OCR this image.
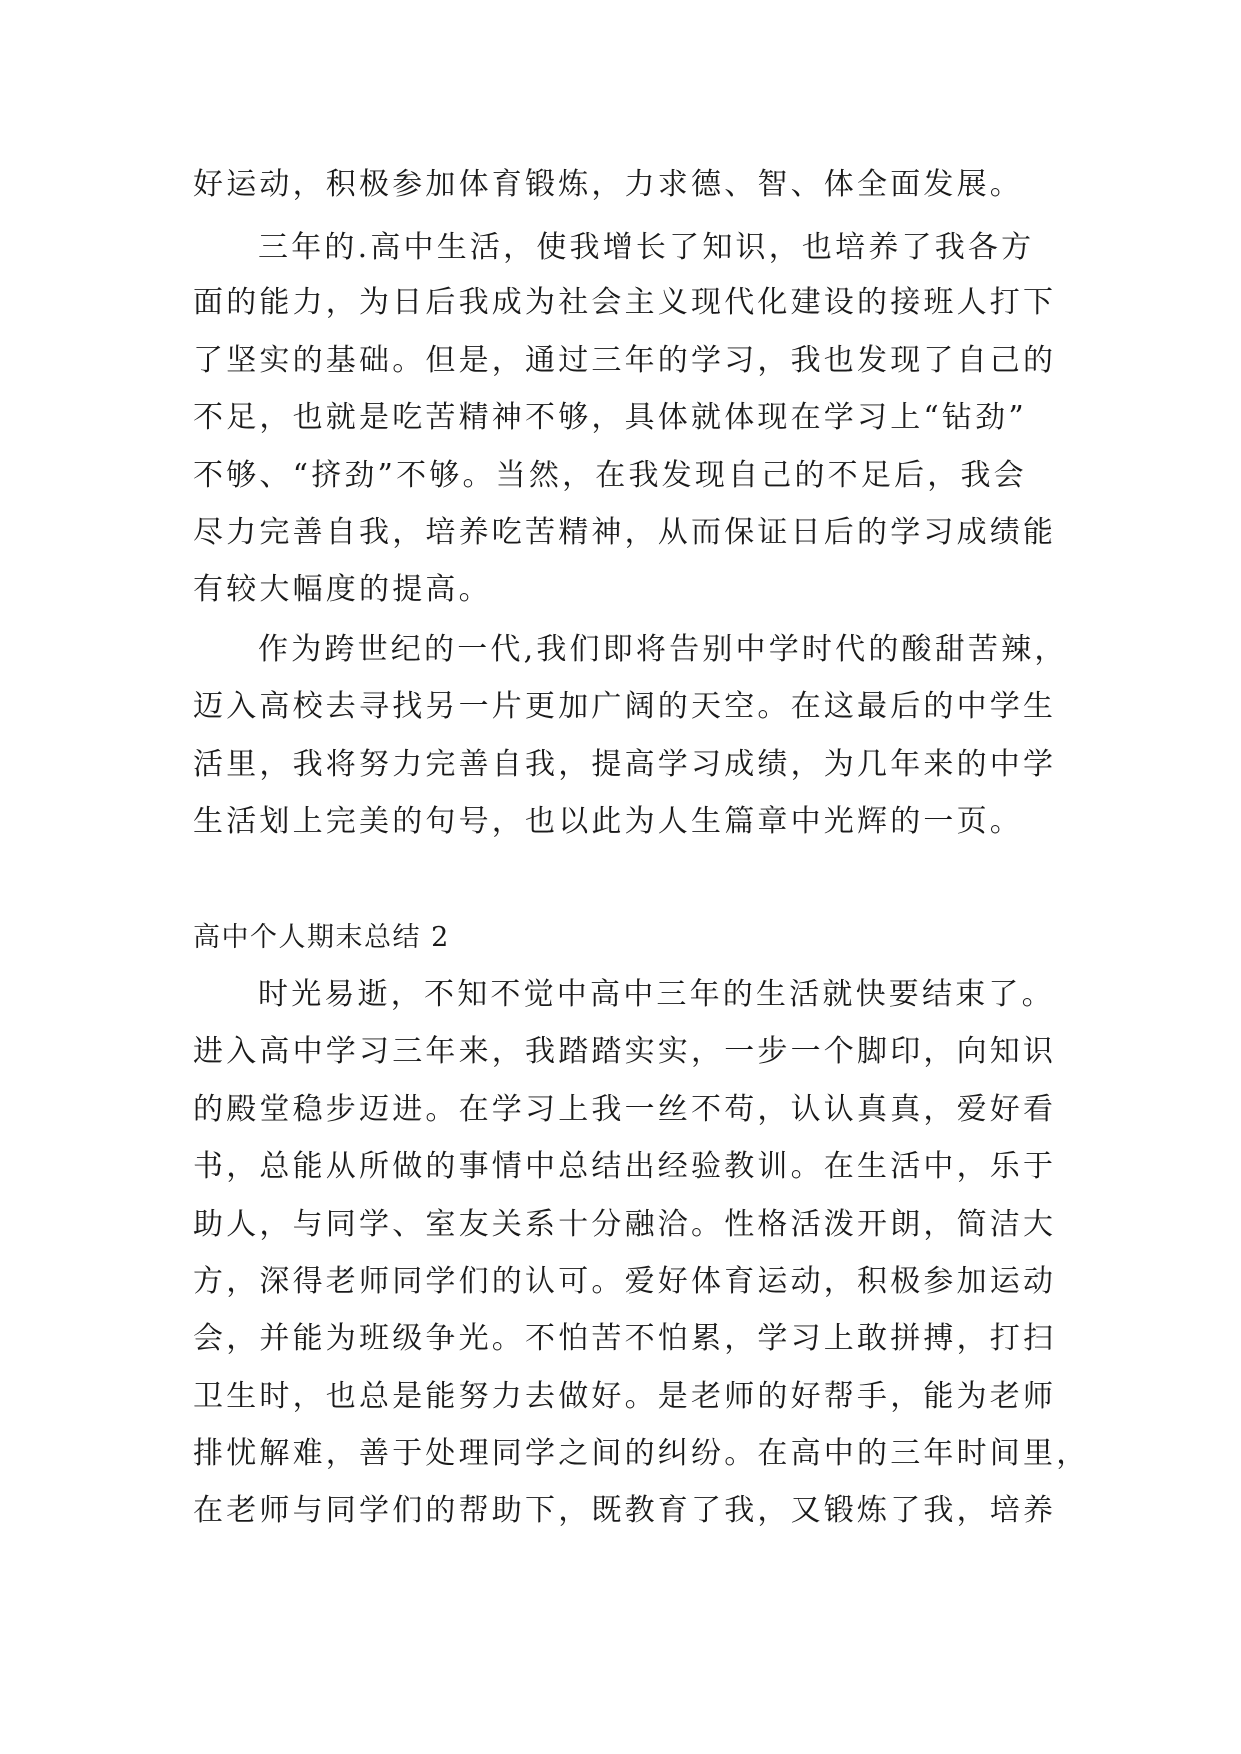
好运动，积极参加体育锻炼，力求德、智、体全面发展。
三年的.高中生活，使我增长了知识，也培养了我各方
面的能力，为日后我成为社会主义现代化建设的接班人打下
了坚实的基础。但是，通过三年的学习，我也发现了自己的
不足，也就是吃苦精神不够，具体就体现在学习上“钻劲”
不够、“挤劲”不够。当然，在我发现自己的不足后，我会
尽力完善自我，培养吃苦精神，从而保证日后的学习成绩能
有较大幅度的提高。
作为跨世纪的一代,我们即将告别中学时代的酸甜苦辣，
迈入高校去寻找另一片更加广阔的天空。在这最后的中学生
活里，我将努力完善自我，提高学习成绩，为几年来的中学
生活划上完美的句号，也以此为人生篇章中光辉的一页。
高中个人期末总结 2
时光易逝，不知不觉中高中三年的生活就快要结束了。
进入高中学习三年来，我踏踏实实，一步一个脚印，向知识
的殿堂稳步迈进。在学习上我一丝不苟，认认真真，爱好看
书，总能从所做的事情中总结出经验教训。在生活中，乐于
助人，与同学、室友关系十分融洽。性格活泼开朗，简洁大
方，深得老师同学们的认可。爱好体育运动，积极参加运动
会，并能为班级争光。不怕苦不怕累，学习上敢拼搏，打扫
卫生时，也总是能努力去做好。是老师的好帮手，能为老师
排忧解难，善于处理同学之间的纠纷。在高中的三年时间里，
在老师与同学们的帮助下，既教育了我，又锻炼了我，培养
